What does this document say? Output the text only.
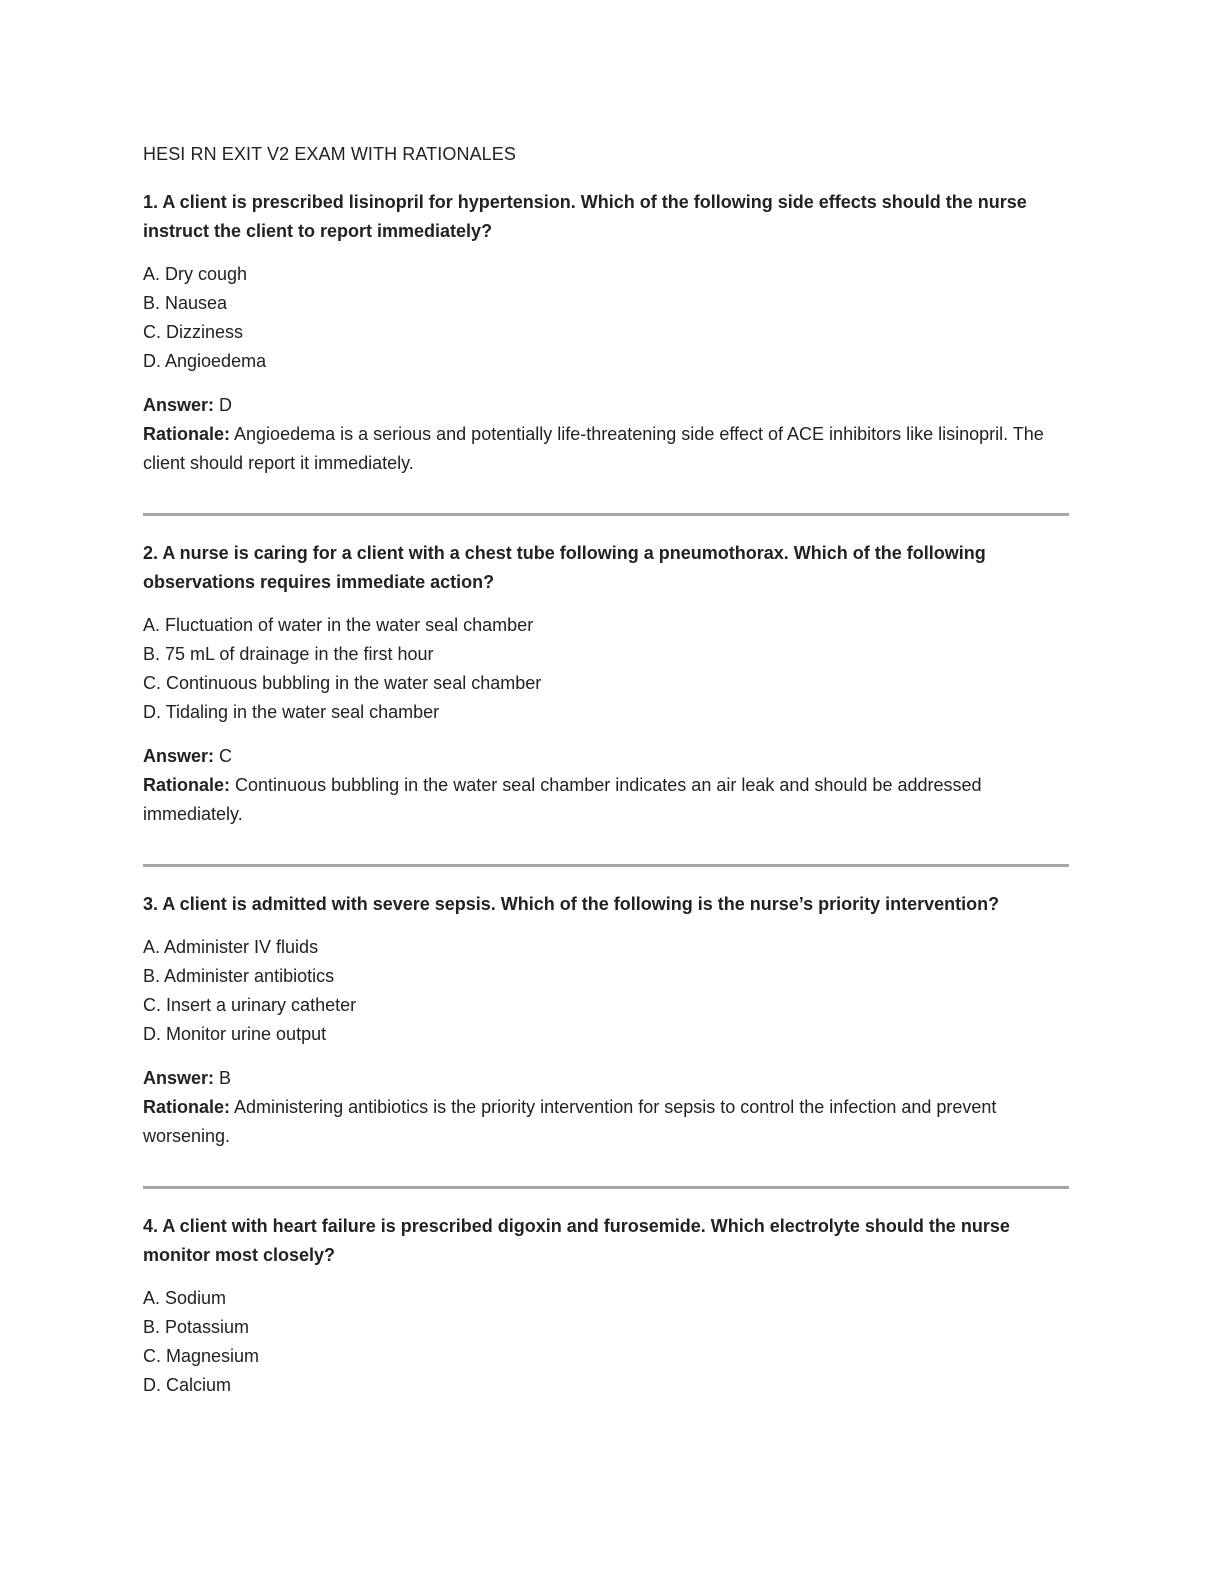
HESI RN EXIT V2 EXAM WITH RATIONALES
1. A client is prescribed lisinopril for hypertension. Which of the following side effects should the nurse instruct the client to report immediately?
A. Dry cough
B. Nausea
C. Dizziness
D. Angioedema
Answer: D
Rationale: Angioedema is a serious and potentially life-threatening side effect of ACE inhibitors like lisinopril. The client should report it immediately.
2. A nurse is caring for a client with a chest tube following a pneumothorax. Which of the following observations requires immediate action?
A. Fluctuation of water in the water seal chamber
B. 75 mL of drainage in the first hour
C. Continuous bubbling in the water seal chamber
D. Tidaling in the water seal chamber
Answer: C
Rationale: Continuous bubbling in the water seal chamber indicates an air leak and should be addressed immediately.
3. A client is admitted with severe sepsis. Which of the following is the nurse’s priority intervention?
A. Administer IV fluids
B. Administer antibiotics
C. Insert a urinary catheter
D. Monitor urine output
Answer: B
Rationale: Administering antibiotics is the priority intervention for sepsis to control the infection and prevent worsening.
4. A client with heart failure is prescribed digoxin and furosemide. Which electrolyte should the nurse monitor most closely?
A. Sodium
B. Potassium
C. Magnesium
D. Calcium
